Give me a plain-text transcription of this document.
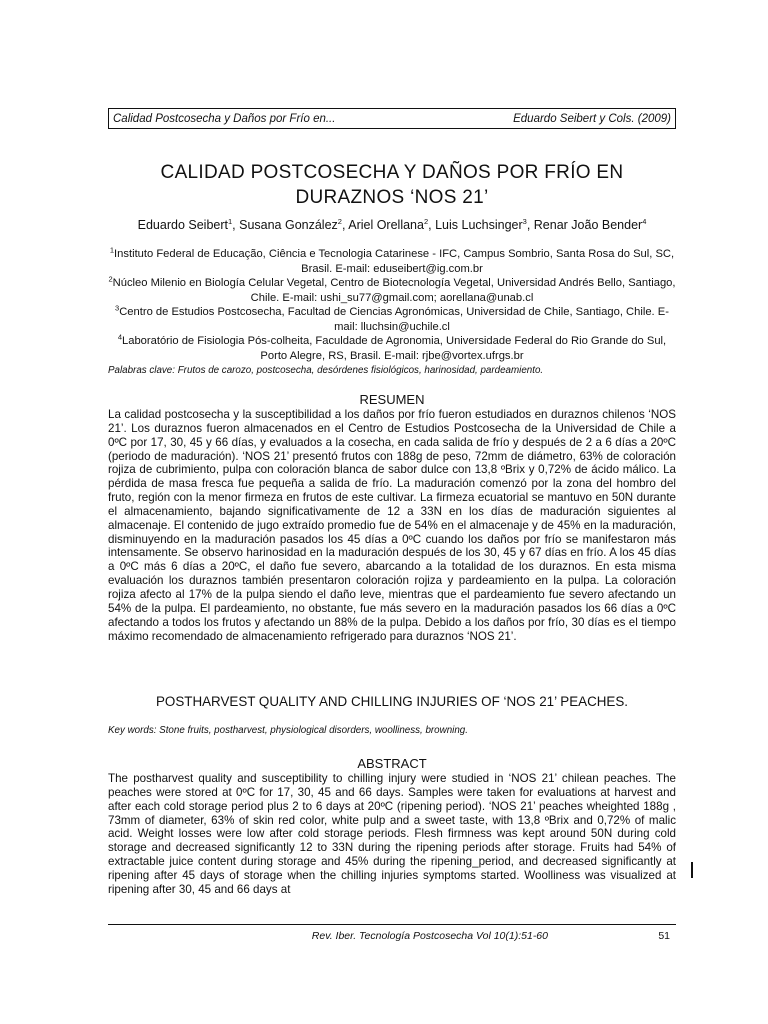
Calidad Postcosecha y Daños por Frío en...	Eduardo Seibert y Cols. (2009)
CALIDAD POSTCOSECHA Y DAÑOS POR FRÍO EN
DURAZNOS ‘NOS 21’
Eduardo Seibert$^1$, Susana González$^2$, Ariel Orellana$^2$, Luis Luchsinger$^3$, Renar João Bender$^4$
$^1$Instituto Federal de Educação, Ciência e Tecnologia Catarinese - IFC, Campus Sombrio, Santa Rosa do Sul, SC, Brasil. E-mail: eduseibert@ig.com.br
$^2$Núcleo Milenio en Biología Celular Vegetal, Centro de Biotecnología Vegetal, Universidad Andrés Bello, Santiago, Chile. E-mail: ushi_su77@gmail.com; aorellana@unab.cl
$^3$Centro de Estudios Postcosecha, Facultad de Ciencias Agronómicas, Universidad de Chile, Santiago, Chile. E-mail: lluchsin@uchile.cl
$^4$Laboratório de Fisiologia Pós-colheita, Faculdade de Agronomia, Universidade Federal do Rio Grande do Sul, Porto Alegre, RS, Brasil. E-mail: rjbe@vortex.ufrgs.br
Palabras clave: Frutos de carozo, postcosecha, desórdenes fisiológicos, harinosidad, pardeamiento.
RESUMEN

La calidad postcosecha y la susceptibilidad a los daños por frío fueron estudiados en duraznos chilenos ‘NOS 21’. Los duraznos fueron almacenados en el Centro de Estudios Postcosecha de la Universidad de Chile a 0ºC por 17, 30, 45 y 66 días, y evaluados a la cosecha, en cada salida de frío y después de 2 a 6 días a 20ºC (periodo de maduración). ‘NOS 21’ presentó frutos con 188g de peso, 72mm de diámetro, 63% de coloración rojiza de cubrimiento, pulpa con coloración blanca de sabor dulce con 13,8 ºBrix y 0,72% de ácido málico. La pérdida de masa fresca fue pequeña a salida de frío. La maduración comenzó por la zona del hombro del fruto, región con la menor firmeza en frutos de este cultivar. La firmeza ecuatorial se mantuvo en 50N durante el almacenamiento, bajando significativamente de 12 a 33N en los días de maduración siguientes al almacenaje. El contenido de jugo extraído promedio fue de 54% en el almacenaje y de 45% en la maduración, disminuyendo en la maduración pasados los 45 días a 0ºC cuando los daños por frío se manifestaron más intensamente. Se observo harinosidad en la maduración después de los 30, 45 y 67 días en frío. A los 45 días a 0ºC más 6 días a 20ºC, el daño fue severo, abarcando a la totalidad de los duraznos. En esta misma evaluación los duraznos también presentaron coloración rojiza y pardeamiento en la pulpa. La coloración rojiza afecto al 17% de la pulpa siendo el daño leve, mientras que el pardeamiento fue severo afectando un 54% de la pulpa. El pardeamiento, no obstante, fue más severo en la maduración pasados los 66 días a 0ºC afectando a todos los frutos y afectando un 88% de la pulpa. Debido a los daños por frío, 30 días es el tiempo máximo recomendado de almacenamiento refrigerado para duraznos ‘NOS 21’.

POSTHARVEST QUALITY AND CHILLING INJURIES OF ‘NOS 21’ PEACHES.
Key words: Stone fruits, postharvest, physiological disorders, woolliness, browning.
ABSTRACT

The postharvest quality and susceptibility to chilling injury were studied in ‘NOS 21’ chilean peaches. The peaches were stored at 0ºC for 17, 30, 45 and 66 days. Samples were taken for evaluations at harvest and after each cold storage period plus 2 to 6 days at 20ºC (ripening period). ‘NOS 21’ peaches wheighted 188g , 73mm of diameter, 63% of skin red color, white pulp and a sweet taste, with 13,8 ºBrix and 0,72% of malic acid. Weight losses were low after cold storage periods. Flesh firmness was kept around 50N during cold storage and decreased significantly 12 to 33N during the ripening periods after storage. Fruits had 54% of extractable juice content during storage and 45% during the ripening_period, and decreased significantly at ripening after 45 days of storage when the chilling injuries symptoms started. Woolliness was visualized at ripening after 30, 45 and 66 days at

Rev. Iber. Tecnología Postcosecha Vol 10(1):51-60	51
